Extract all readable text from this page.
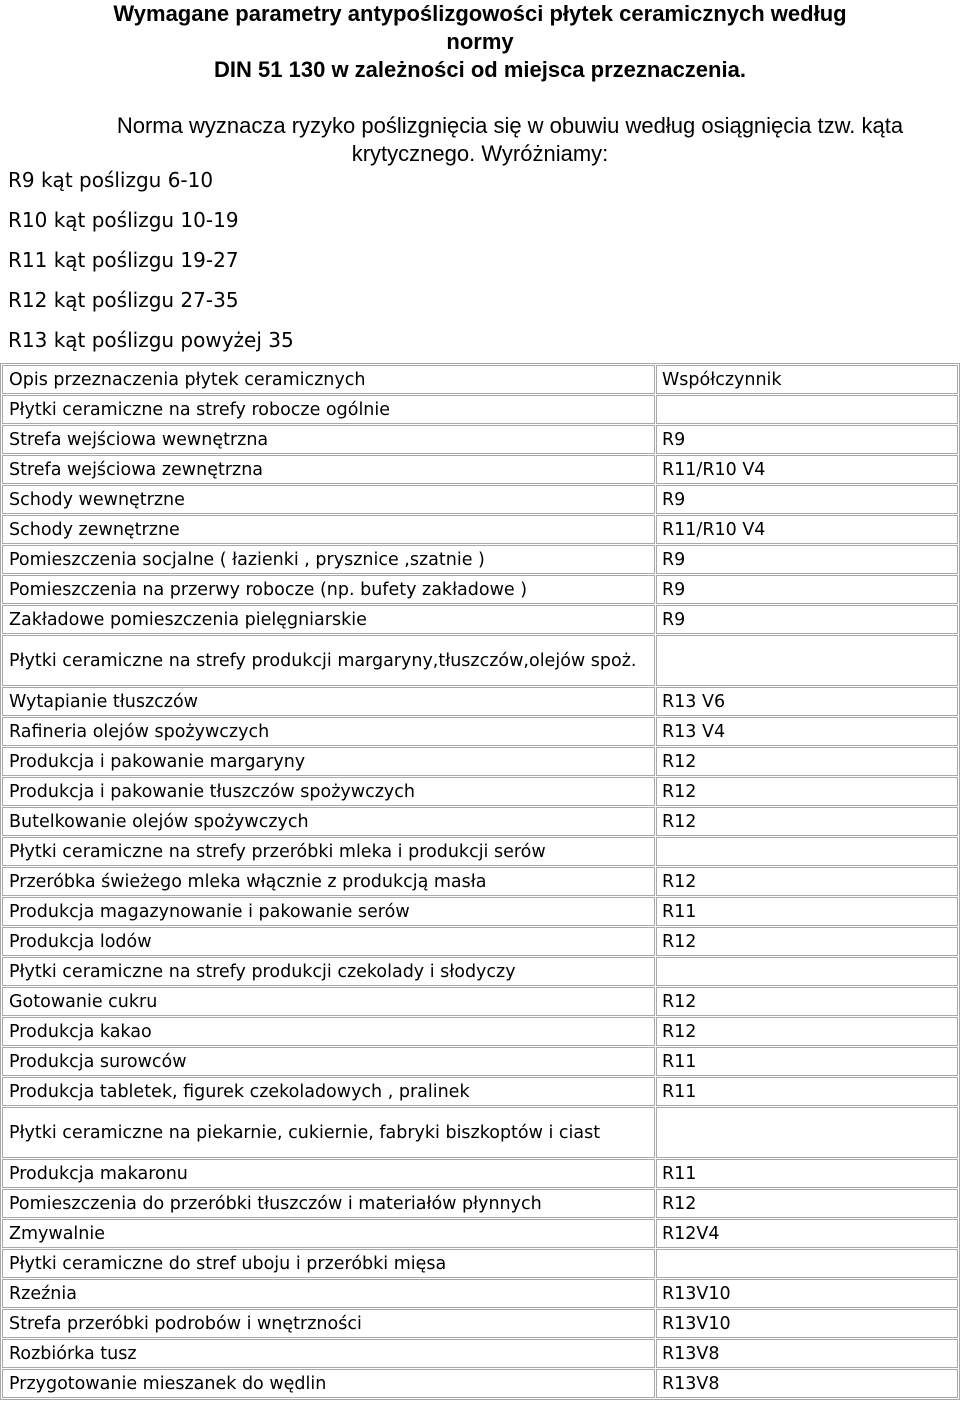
Wymagane parametry antypoślizgowości płytek ceramicznych według
normy
DIN 51 130 w zależności od miejsca przeznaczenia.
Norma wyznacza ryzyko poślizgnięcia się w obuwiu według osiągnięcia tzw. kąta
krytycznego. Wyróżniamy:
R9 kąt poślizgu 6-10
R10 kąt poślizgu 10-19
R11 kąt poślizgu 19-27
R12 kąt poślizgu 27-35
R13 kąt poślizgu powyżej 35
Opis przeznaczenia płytek ceramicznych	Współczynnik
Płytki ceramiczne na strefy robocze ogólnie	
Strefa wejściowa wewnętrzna	R9
Strefa wejściowa zewnętrzna	R11/R10 V4
Schody wewnętrzne	R9
Schody zewnętrzne	R11/R10 V4
Pomieszczenia socjalne ( łazienki , prysznice ,szatnie )	R9
Pomieszczenia na przerwy robocze (np. bufety zakładowe )	R9
Zakładowe pomieszczenia pielęgniarskie	R9
Płytki ceramiczne na strefy produkcji margaryny,tłuszczów,olejów spoż.	
Wytapianie tłuszczów	R13 V6
Rafineria olejów spożywczych	R13 V4
Produkcja i pakowanie margaryny	R12
Produkcja i pakowanie tłuszczów spożywczych	R12
Butelkowanie olejów spożywczych	R12
Płytki ceramiczne na strefy przeróbki mleka i produkcji serów	
Przeróbka świeżego mleka włącznie z produkcją masła	R12
Produkcja magazynowanie i pakowanie serów	R11
Produkcja lodów	R12
Płytki ceramiczne na strefy produkcji czekolady i słodyczy	
Gotowanie cukru	R12
Produkcja kakao	R12
Produkcja surowców	R11
Produkcja tabletek, figurek czekoladowych , pralinek	R11
Płytki ceramiczne na piekarnie, cukiernie, fabryki biszkoptów i ciast	
Produkcja makaronu	R11
Pomieszczenia do przeróbki tłuszczów i materiałów płynnych	R12
Zmywalnie	R12V4
Płytki ceramiczne do stref uboju i przeróbki mięsa	
Rzeźnia	R13V10
Strefa przeróbki podrobów i wnętrzności	R13V10
Rozbiórka tusz	R13V8
Przygotowanie mieszanek do wędlin	R13V8
